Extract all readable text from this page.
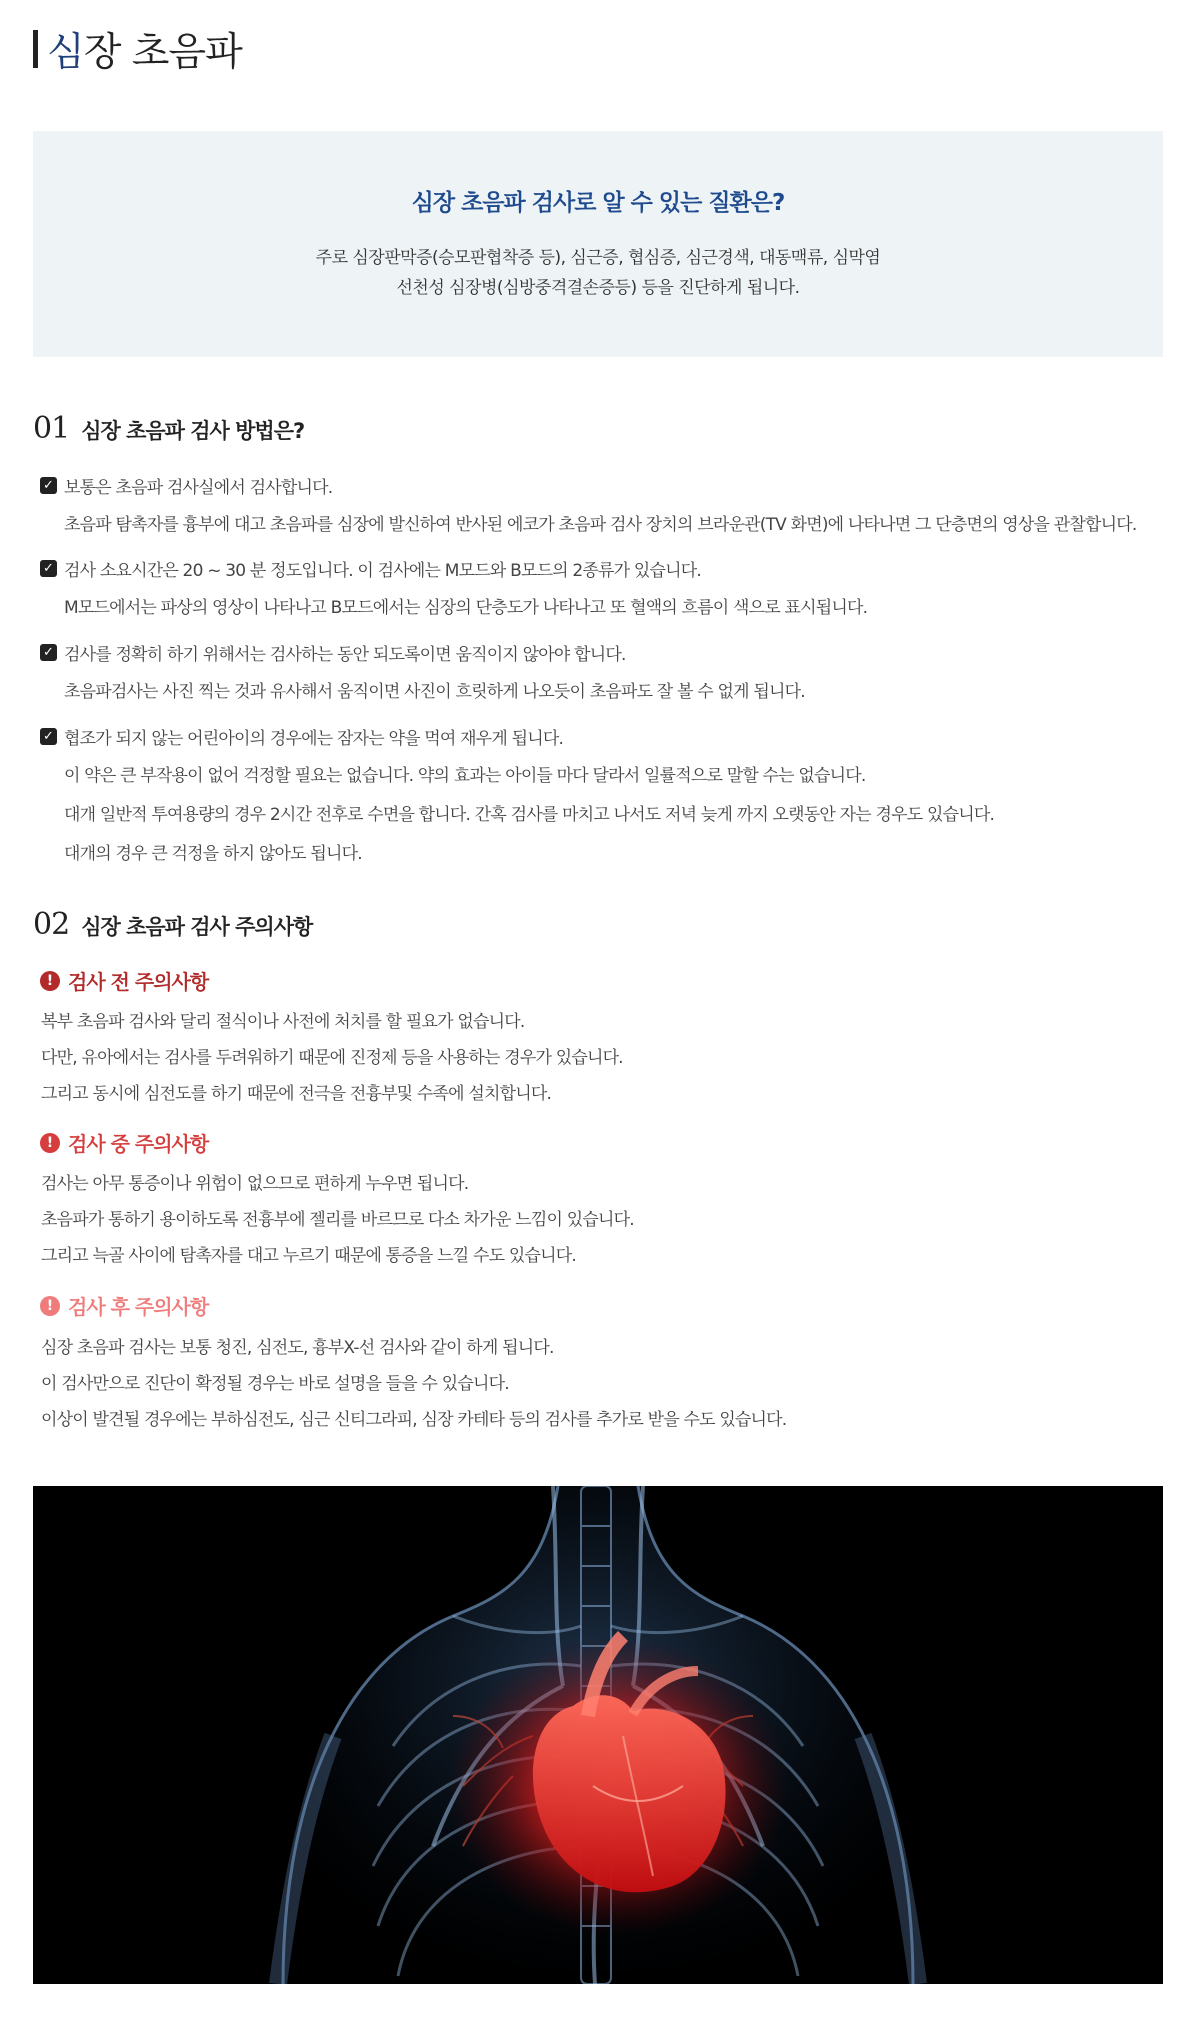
심 장 초음파
심장 초음파 검사로 알 수 있는 질환은?
주로 심장판막증(승모판협착증 등), 심근증, 협심증, 심근경색, 대동맥류, 심막염
선천성 심장병(심방중격결손증등) 등을 진단하게 됩니다.
01 심장 초음파 검사 방법은?
✓ 보통은 초음파 검사실에서 검사합니다.
초음파 탐촉자를 흉부에 대고 초음파를 심장에 발신하여 반사된 에코가 초음파 검사 장치의 브라운관(TV 화면)에 나타나면 그 단층면의 영상을 관찰합니다.
✓ 검사 소요시간은 20 ~ 30 분 정도입니다. 이 검사에는 M모드와 B모드의 2종류가 있습니다.
M모드에서는 파상의 영상이 나타나고 B모드에서는 심장의 단층도가 나타나고 또 혈액의 흐름이 색으로 표시됩니다.
✓ 검사를 정확히 하기 위해서는 검사하는 동안 되도록이면 움직이지 않아야 합니다.
초음파검사는 사진 찍는 것과 유사해서 움직이면 사진이 흐릿하게 나오듯이 초음파도 잘 볼 수 없게 됩니다.
✓ 협조가 되지 않는 어린아이의 경우에는 잠자는 약을 먹여 재우게 됩니다.
이 약은 큰 부작용이 없어 걱정할 필요는 없습니다. 약의 효과는 아이들 마다 달라서 일률적으로 말할 수는 없습니다.
대개 일반적 투여용량의 경우 2시간 전후로 수면을 합니다. 간혹 검사를 마치고 나서도 저녁 늦게 까지 오랫동안 자는 경우도 있습니다.
대개의 경우 큰 걱정을 하지 않아도 됩니다.
02 심장 초음파 검사 주의사항
! 검사 전 주의사항
복부 초음파 검사와 달리 절식이나 사전에 처치를 할 필요가 없습니다.
다만, 유아에서는 검사를 두려워하기 때문에 진정제 등을 사용하는 경우가 있습니다.
그리고 동시에 심전도를 하기 때문에 전극을 전흉부및 수족에 설치합니다.
! 검사 중 주의사항
검사는 아무 통증이나 위험이 없으므로 편하게 누우면 됩니다.
초음파가 통하기 용이하도록 전흉부에 젤리를 바르므로 다소 차가운 느낌이 있습니다.
그리고 늑골 사이에 탐촉자를 대고 누르기 때문에 통증을 느낄 수도 있습니다.
! 검사 후 주의사항
심장 초음파 검사는 보통 청진, 심전도, 흉부X-선 검사와 같이 하게 됩니다.
이 검사만으로 진단이 확정될 경우는 바로 설명을 들을 수 있습니다.
이상이 발견될 경우에는 부하심전도, 심근 신티그라피, 심장 카테타 등의 검사를 추가로 받을 수도 있습니다.
